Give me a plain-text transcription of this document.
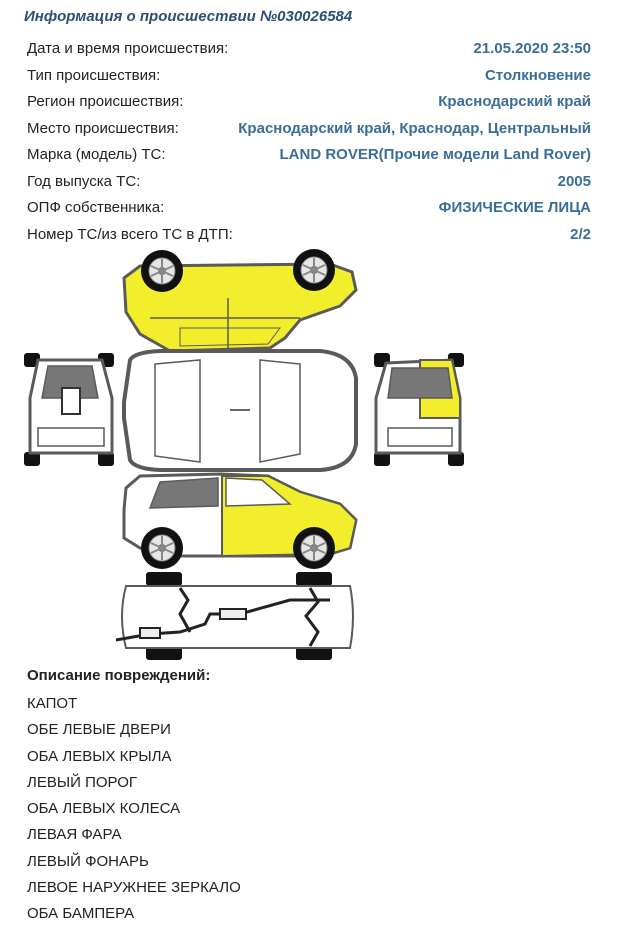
Информация о происшествии №030026584
Дата и время происшествия:	21.05.2020 23:50
Тип происшествия:	Столкновение
Регион происшествия:	Краснодарский край
Место происшествия:	Краснодарский край, Краснодар, Центральный
Марка (модель) ТС:	LAND ROVER(Прочие модели Land Rover)
Год выпуска ТС:	2005
ОПФ собственника:	ФИЗИЧЕСКИЕ ЛИЦА
Номер ТС/из всего ТС в ДТП:	2/2
Описание повреждений:
КАПОТ
ОБЕ ЛЕВЫЕ ДВЕРИ
ОБА ЛЕВЫХ КРЫЛА
ЛЕВЫЙ ПОРОГ
ОБА ЛЕВЫХ КОЛЕСА
ЛЕВАЯ ФАРА
ЛЕВЫЙ ФОНАРЬ
ЛЕВОЕ НАРУЖНЕЕ ЗЕРКАЛО
ОБА БАМПЕРА
